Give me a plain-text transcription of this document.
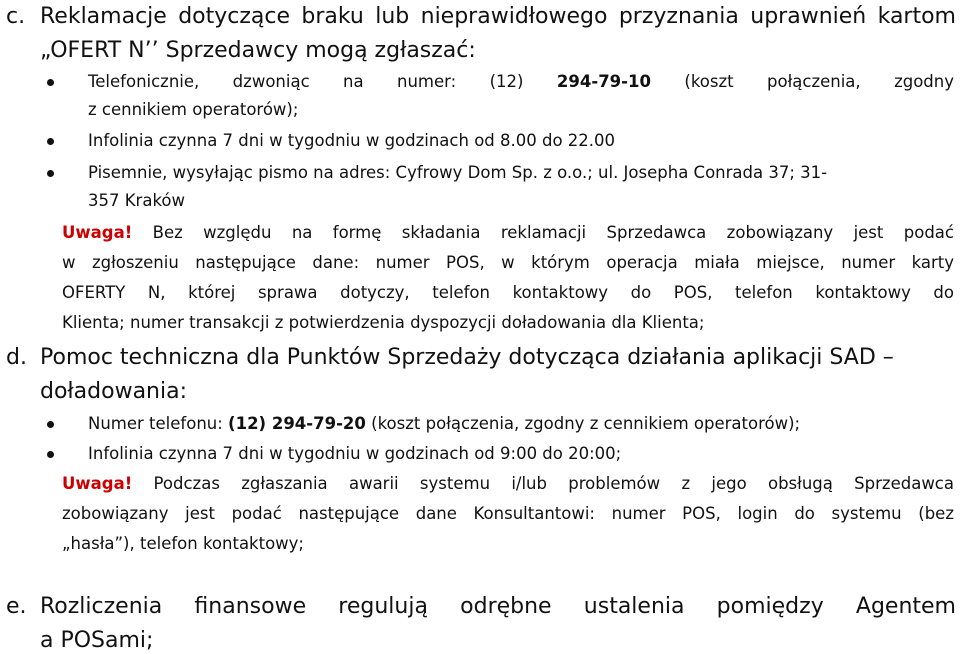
c. Reklamacje dotyczące braku lub nieprawidłowego przyznania uprawnień kartom
„OFERT N’’ Sprzedawcy mogą zgłaszać:
Telefonicznie, dzwoniąc na numer: (12) 294-79-10 (koszt połączenia, zgodny
z cennikiem operatorów);
Infolinia czynna 7 dni w tygodniu w godzinach od 8.00 do 22.00
Pisemnie, wysyłając pismo na adres: Cyfrowy Dom Sp. z o.o.; ul. Josepha Conrada 37; 31-
357 Kraków
Uwaga! Bez względu na formę składania reklamacji Sprzedawca zobowiązany jest podać
w zgłoszeniu następujące dane: numer POS, w którym operacja miała miejsce, numer karty
OFERTY N, której sprawa dotyczy, telefon kontaktowy do POS, telefon kontaktowy do
Klienta; numer transakcji z potwierdzenia dyspozycji doładowania dla Klienta;
d. Pomoc techniczna dla Punktów Sprzedaży dotycząca działania aplikacji SAD –
doładowania:
Numer telefonu: (12) 294-79-20 (koszt połączenia, zgodny z cennikiem operatorów);
Infolinia czynna 7 dni w tygodniu w godzinach od 9:00 do 20:00;
Uwaga! Podczas zgłaszania awarii systemu i/lub problemów z jego obsługą Sprzedawca
zobowiązany jest podać następujące dane Konsultantowi: numer POS, login do systemu (bez
„hasła”), telefon kontaktowy;
e. Rozliczenia finansowe regulują odrębne ustalenia pomiędzy Agentem
a POSami;
